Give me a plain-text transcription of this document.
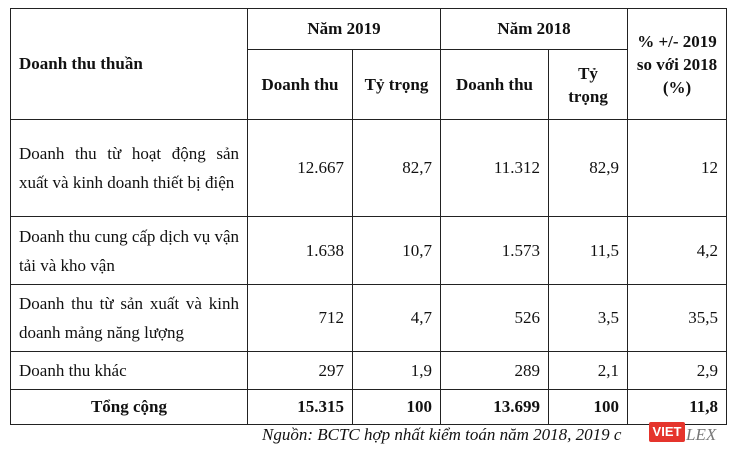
Doanh thu thuần	Năm 2019		Năm 2018		% +/- 2019 so với 2018 (%)
	Doanh thu	Tỷ trọng	Doanh thu	Tỷ trọng	
Doanh thu từ hoạt động sản xuất và kinh doanh thiết bị điện	12.667	82,7	11.312	82,9	12
Doanh thu cung cấp dịch vụ vận tải và kho vận	1.638	10,7	1.573	11,5	4,2
Doanh thu từ sản xuất và kinh doanh mảng năng lượng	712	4,7	526	3,5	35,5
Doanh thu khác	297	1,9	289	2,1	2,9
Tổng cộng	15.315	100	13.699	100	11,8
Nguồn: BCTC hợp nhất kiểm toán năm 2018, 2019 c VIET LEX
